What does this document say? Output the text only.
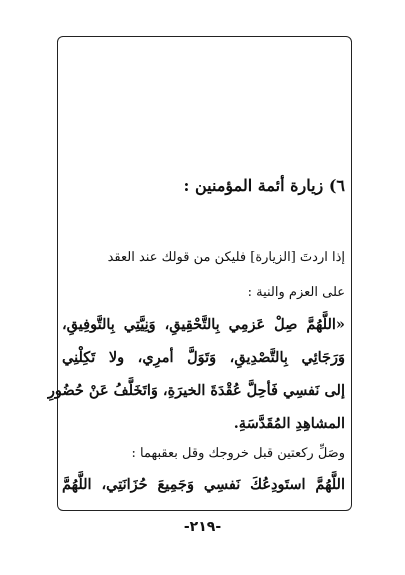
٦) زيارة أئمة المؤمنين :
إذا اردتَ [الزيارة] فليكن من قولك عند العقد
على العزم والنية :
«اللَّهُمَّ صِلْ عَزمِي بِالتَّحْقِيقِ، وَنِيَّتِي بِالتَّوفِيقِ،
وَرَجَائِي بِالتَّصْدِيقِ، وَتَوَلَّ أمرِي، ولا تَكِلْنِي
إلى نَفسِي فَأحِلَّ عُقْدَةَ الخيرَةِ، وَاتَخَلَّفُ عَنْ حُضُورِ
المشاهِدِ المُقَدَّسَةِ.
وصَلِّ ركعتين قبل خروجك وقل بعقبهما :
اللَّهُمَّ استَودِعُكَ نَفسِي وَجَمِيعَ حُزَانَتِي، اللَّهُمَّ
-٢١٩-
